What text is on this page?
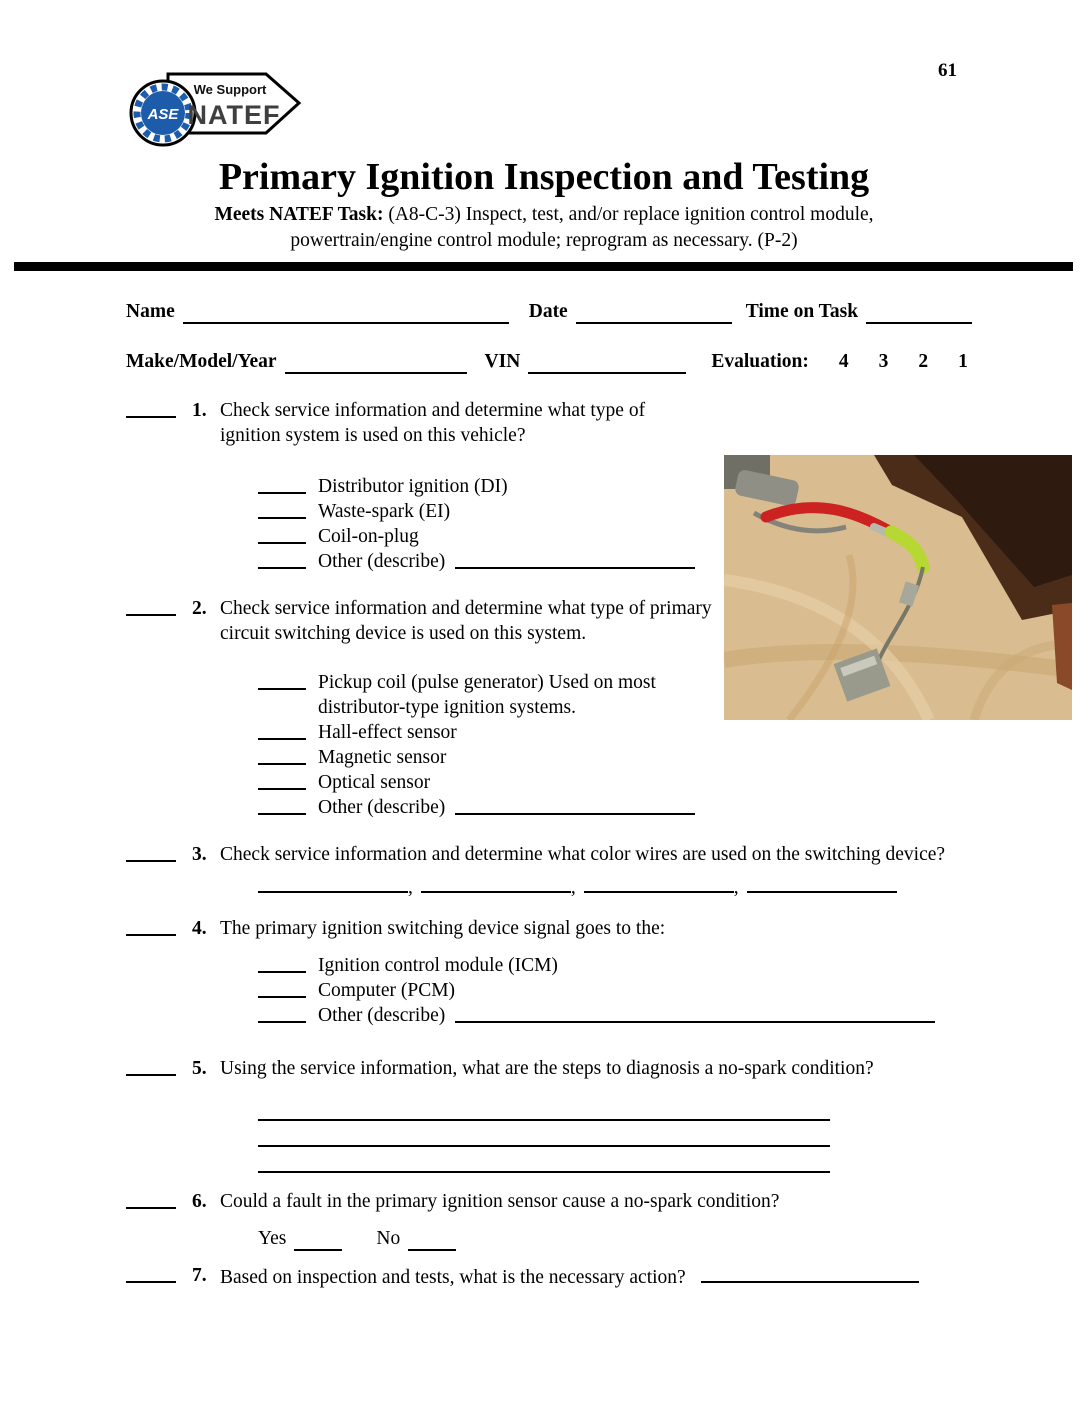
61
ASE
We Support
NATEF
Primary Ignition Inspection and Testing
Meets NATEF Task: (A8-C-3) Inspect, test, and/or replace ignition control module,
powertrain/engine control module; reprogram as necessary. (P-2)
Name	Date	Time on Task
Make/Model/Year	VIN	Evaluation: 4 3 2 1
1. Check service information and determine what type of ignition system is used on this vehicle?
Distributor ignition (DI)
Waste-spark (EI)
Coil-on-plug
Other (describe)
2. Check service information and determine what type of primary circuit switching device is used on this system.
Pickup coil (pulse generator) Used on most distributor-type ignition systems.
Hall-effect sensor
Magnetic sensor
Optical sensor
Other (describe)
3. Check service information and determine what color wires are used on the switching device?
,	,	,
4. The primary ignition switching device signal goes to the:
Ignition control module (ICM)
Computer (PCM)
Other (describe)
5. Using the service information, what are the steps to diagnosis a no-spark condition?
6. Could a fault in the primary ignition sensor cause a no-spark condition?
Yes	No
7. Based on inspection and tests, what is the necessary action?
